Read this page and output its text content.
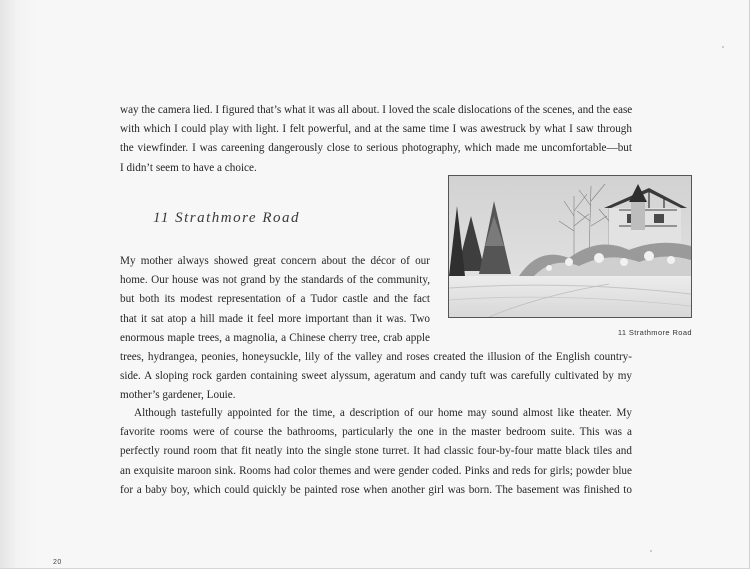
way the camera lied. I figured that’s what it was all about. I loved the scale dislocations of the scenes, and the ease
with which I could play with light. I felt powerful, and at the same time I was awestruck by what I saw through
the viewfinder. I was careening dangerously close to serious photography, which made me uncomfortable—but
I didn’t seem to have a choice.
11 Strathmore Road
My mother always showed great concern about the décor of our
home. Our house was not grand by the standards of the community,
but both its modest representation of a Tudor castle and the fact
that it sat atop a hill made it feel more important than it was. Two
enormous maple trees, a magnolia, a Chinese cherry tree, crab apple
trees, hydrangea, peonies, honeysuckle, lily of the valley and roses created the illusion of the English country-
side. A sloping rock garden containing sweet alyssum, ageratum and candy tuft was carefully cultivated by my
mother’s gardener, Louie.
Although tastefully appointed for the time, a description of our home may sound almost like theater. My
favorite rooms were of course the bathrooms, particularly the one in the master bedroom suite. This was a
perfectly round room that fit neatly into the single stone turret. It had classic four-by-four matte black tiles and
an exquisite maroon sink. Rooms had color themes and were gender coded. Pinks and reds for girls; powder blue
for a baby boy, which could quickly be painted rose when another girl was born. The basement was finished to

11 Strathmore Road

20
